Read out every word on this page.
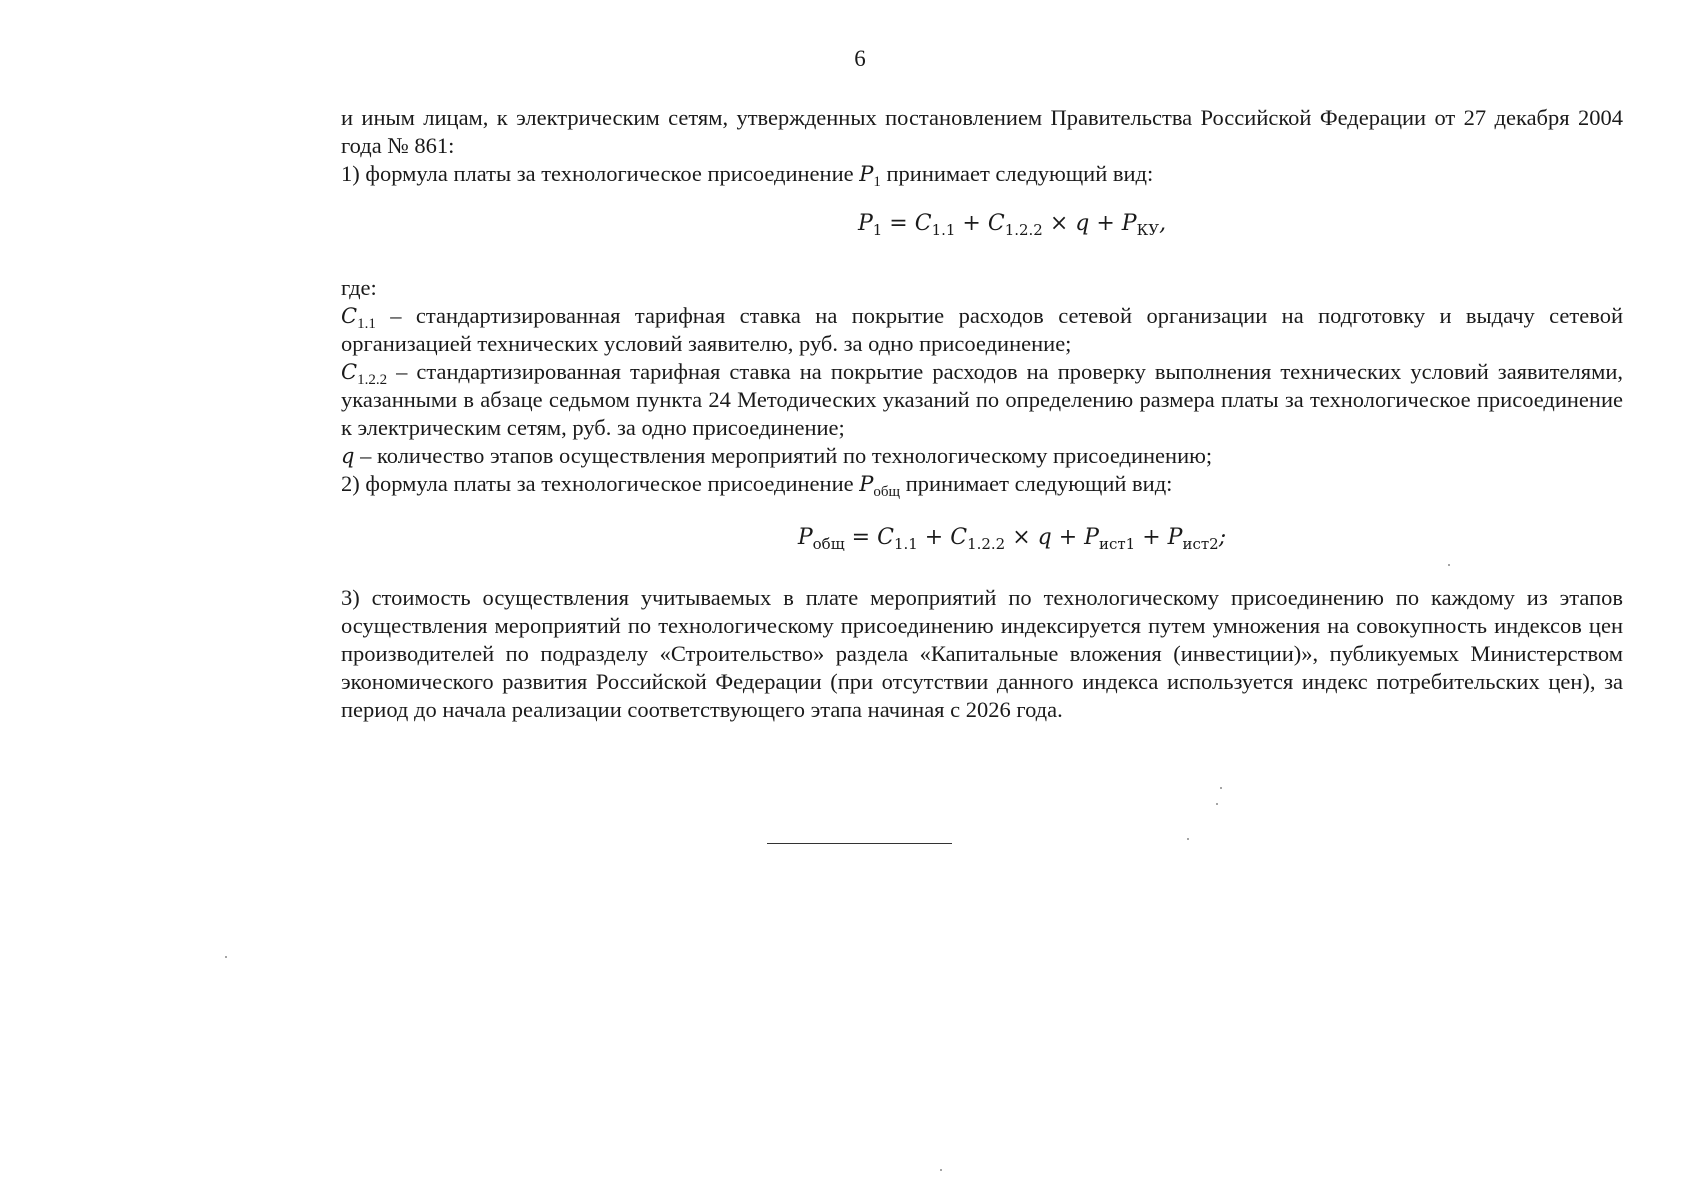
6

и иным лицам, к электрическим сетям, утвержденных постановлением Правительства Российской Федерации от 27 декабря 2004 года № 861:

1) формула платы за технологическое присоединение $P_1$ принимает следующий вид:

$P_1 = C_{1.1} + C_{1.2.2} \times q + P_{КУ}$,

где:

$C_{1.1}$ – стандартизированная тарифная ставка на покрытие расходов сетевой организации на подготовку и выдачу сетевой организацией технических условий заявителю, руб. за одно присоединение;

$C_{1.2.2}$ – стандартизированная тарифная ставка на покрытие расходов на проверку выполнения технических условий заявителями, указанными в абзаце седьмом пункта 24 Методических указаний по определению размера платы за технологическое присоединение к электрическим сетям, руб. за одно присоединение;

q – количество этапов осуществления мероприятий по технологическому присоединению;

2) формула платы за технологическое присоединение $P_{общ}$ принимает следующий вид:

$P_{общ} = C_{1.1} + C_{1.2.2} \times q + P_{ист1} + P_{ист2}$;

3) стоимость осуществления учитываемых в плате мероприятий по технологическому присоединению по каждому из этапов осуществления мероприятий по технологическому присоединению индексируется путем умножения на совокупность индексов цен производителей по подразделу «Строительство» раздела «Капитальные вложения (инвестиции)», публикуемых Министерством экономического развития Российской Федерации (при отсутствии данного индекса используется индекс потребительских цен), за период до начала реализации соответствующего этапа начиная с 2026 года.
